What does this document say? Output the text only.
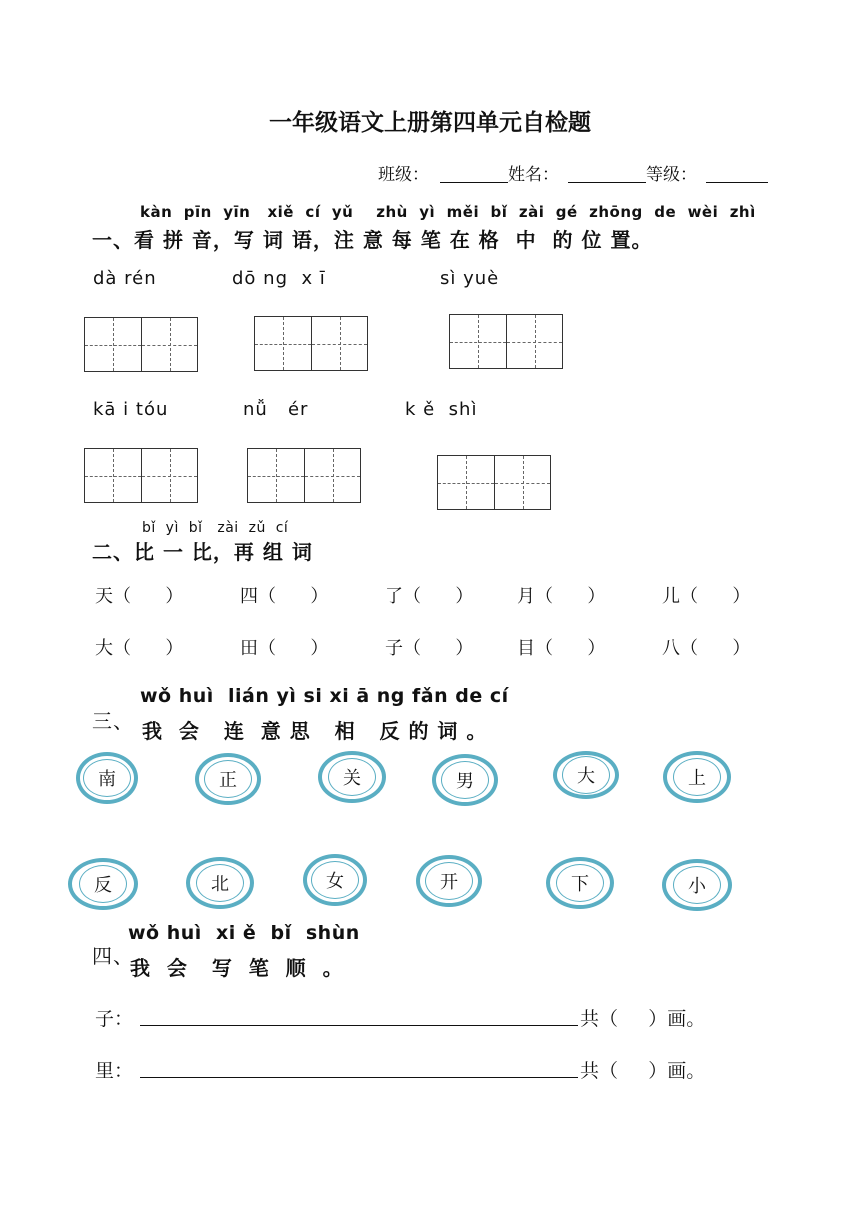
一年级语文上册第四单元自检题
班级：	姓名：	等级：
kàn  pīn  yīn   xiě  cí  yǔ    zhù  yì  měi  bǐ  zài  gé  zhōng  de  wèi  zhì
一、看 拼 音，写 词 语，注 意 每 笔 在 格  中  的 位 置。
dà rén	dō ng  x ī	sì yuè
kā i tóu	nǚ   ér	k ě  shì
bǐ  yì  bǐ   zài  zǔ  cí
二、比 一 比，再 组 词
天（      ）	四（      ）	了（      ） 月（      ）	儿（      ）
大（      ）	田（      ）	子（      ） 目（      ）	八（      ）
三、
wǒ huì  lián yì si xi ā ng fǎn de cí
我  会   连  意 思   相   反 的 词 。
南	正	关	男	大	上
反	北	女	开	下	小
四、
wǒ huì  xi ě  bǐ  shùn
我  会   写  笔  顺  。
子：	共（     ）画。
里：	共（     ）画。
